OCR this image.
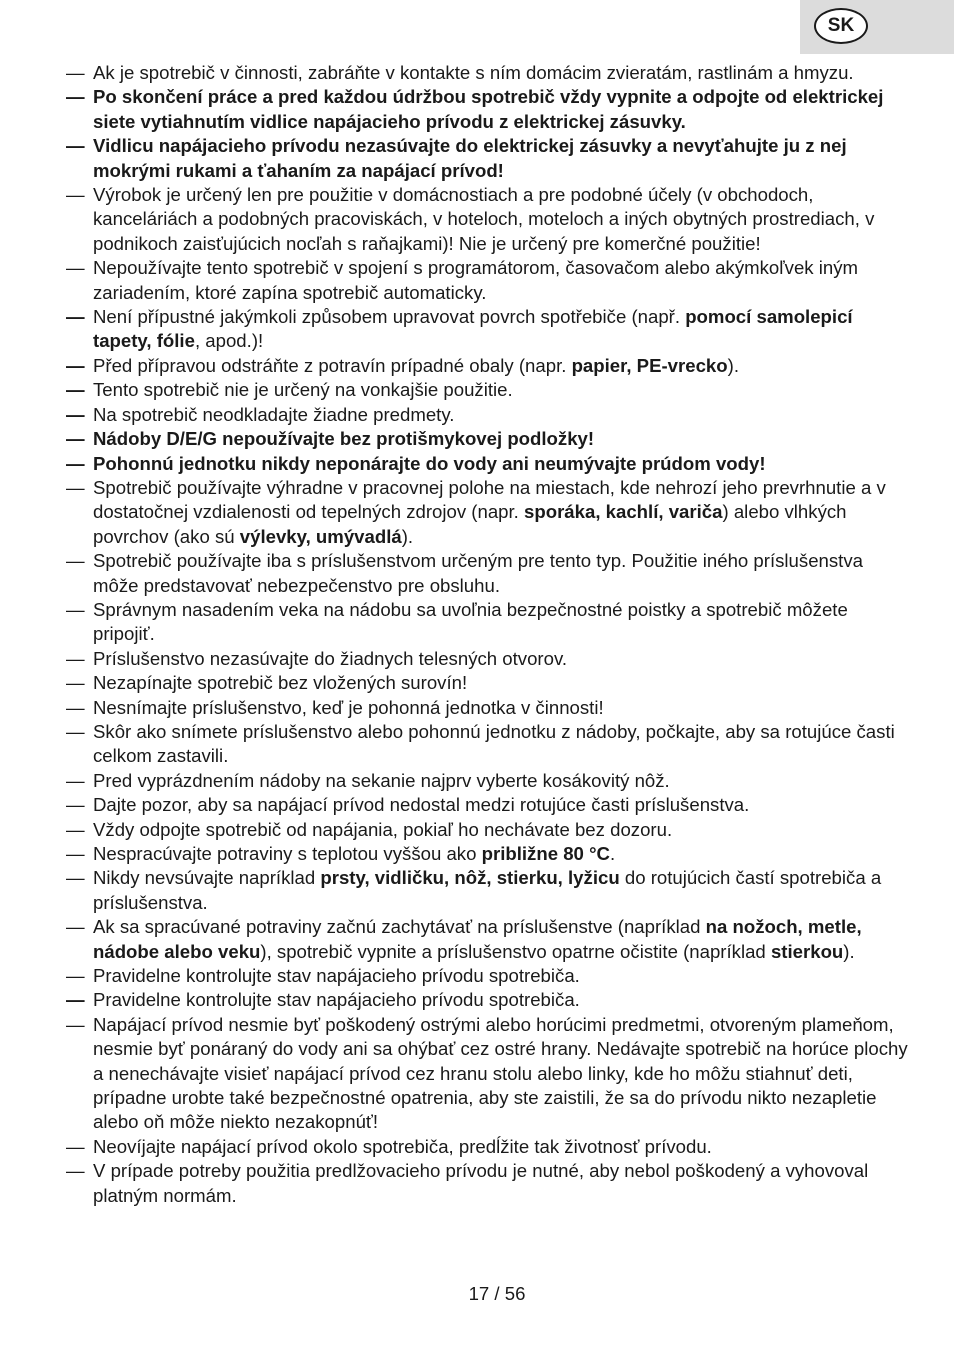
SK
— Ak je spotrebič v činnosti, zabráňte v kontakte s ním domácim zvieratám, rastlinám a hmyzu.
— Po skončení práce a pred každou údržbou spotrebič vždy vypnite a odpojte od elektrickej siete vytiahnutím vidlice napájacieho prívodu z elektrickej zásuvky.
— Vidlicu napájacieho prívodu nezasúvajte do elektrickej zásuvky a nevyťahujte ju z nej mokrými rukami a ťahaním za napájací prívod!
— Výrobok je určený len pre použitie v domácnostiach a pre podobné účely (v obchodoch, kanceláriách a podobných pracoviskách, v hoteloch, moteloch a iných obytných prostrediach, v podnikoch zaisťujúcich nocľah s raňajkami)! Nie je určený pre komerčné použitie!
— Nepoužívajte tento spotrebič v spojení s programátorom, časovačom alebo akýmkoľvek iným zariadením, ktoré zapína spotrebič automaticky.
— Není přípustné jakýmkoli způsobem upravovat povrch spotřebiče (např. pomocí samolepicí tapety, fólie, apod.)!
— Před přípravou odstráňte z potravín prípadné obaly (napr. papier, PE-vrecko).
— Tento spotrebič nie je určený na vonkajšie použitie.
— Na spotrebič neodkladajte žiadne predmety.
— Nádoby D/E/G nepoužívajte bez protišmykovej podložky!
— Pohonnú jednotku nikdy neponárajte do vody ani neumývajte prúdom vody!
— Spotrebič používajte výhradne v pracovnej polohe na miestach, kde nehrozí jeho prevrhnutie a v dostatočnej vzdialenosti od tepelných zdrojov (napr. sporáka, kachlí, variča) alebo vlhkých povrchov (ako sú výlevky, umývadlá).
— Spotrebič používajte iba s príslušenstvom určeným pre tento typ. Použitie iného príslušenstva môže predstavovať nebezpečenstvo pre obsluhu.
— Správnym nasadením veka na nádobu sa uvoľnia bezpečnostné poistky a spotrebič môžete pripojiť.
— Príslušenstvo nezasúvajte do žiadnych telesných otvorov.
— Nezapínajte spotrebič bez vložených surovín!
— Nesnímajte príslušenstvo, keď je pohonná jednotka v činnosti!
— Skôr ako snímete príslušenstvo alebo pohonnú jednotku z nádoby, počkajte, aby sa rotujúce časti celkom zastavili.
— Pred vyprázdnením nádoby na sekanie najprv vyberte kosákovitý nôž.
— Dajte pozor, aby sa napájací prívod nedostal medzi rotujúce časti príslušenstva.
— Vždy odpojte spotrebič od napájania, pokiaľ ho nechávate bez dozoru.
— Nespracúvajte potraviny s teplotou vyššou ako približne 80 °C.
— Nikdy nevsúvajte napríklad prsty, vidličku, nôž, stierku, lyžicu do rotujúcich častí spotrebiča a príslušenstva.
— Ak sa spracúvané potraviny začnú zachytávať na príslušenstve (napríklad na nožoch, metle, nádobe alebo veku), spotrebič vypnite a príslušenstvo opatrne očistite (napríklad stierkou).
— Pravidelne kontrolujte stav napájacieho prívodu spotrebiča.
— Pravidelne kontrolujte stav napájacieho prívodu spotrebiča.
— Napájací prívod nesmie byť poškodený ostrými alebo horúcimi predmetmi, otvoreným plameňom, nesmie byť ponáraný do vody ani sa ohýbať cez ostré hrany. Nedávajte spotrebič na horúce plochy a nenechávajte visieť napájací prívod cez hranu stolu alebo linky, kde ho môžu stiahnuť deti, prípadne urobte také bezpečnostné opatrenia, aby ste zaistili, že sa do prívodu nikto nezapletie alebo oň môže niekto nezakopnúť!
— Neovíjajte napájací prívod okolo spotrebiča, predĺžite tak životnosť prívodu.
— V prípade potreby použitia predlžovacieho prívodu je nutné, aby nebol poškodený a vyhovoval platným normám.
17 / 56
